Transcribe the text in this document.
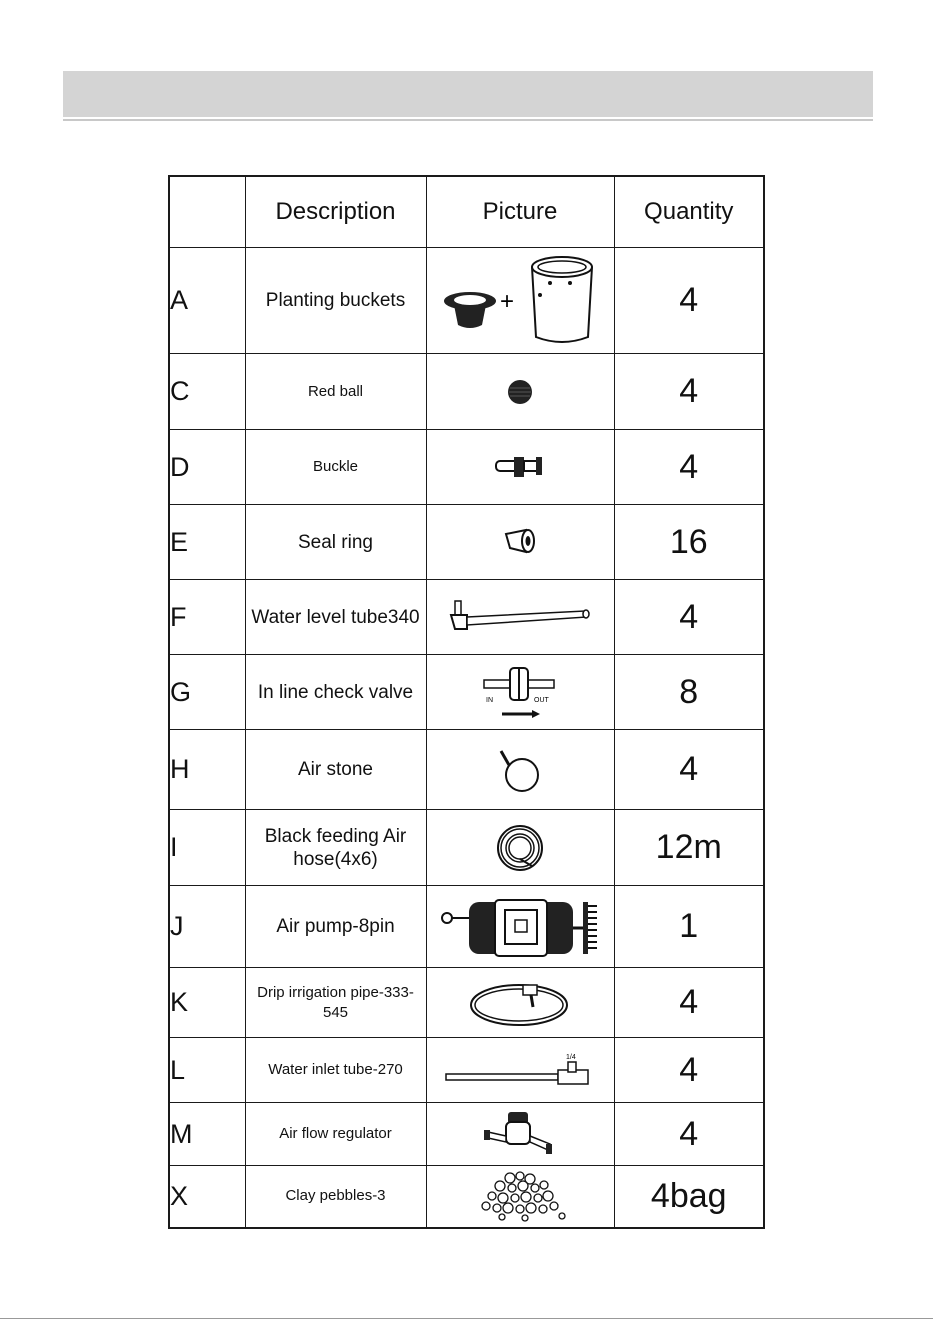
	Description	Picture	Quantity
A	Planting buckets	+	4
C	Red ball		4
D	Buckle		4
E	Seal ring		16
F	Water level tube340		4
G	In line check valve	IN OUT	8
H	Air stone		4
I	Black feeding Air hose(4x6)		12m
J	Air pump-8pin		1
K	Drip irrigation pipe-333-545		4
L	Water inlet tube-270	1/4	4
M	Air flow regulator		4
X	Clay pebbles-3		4bag
